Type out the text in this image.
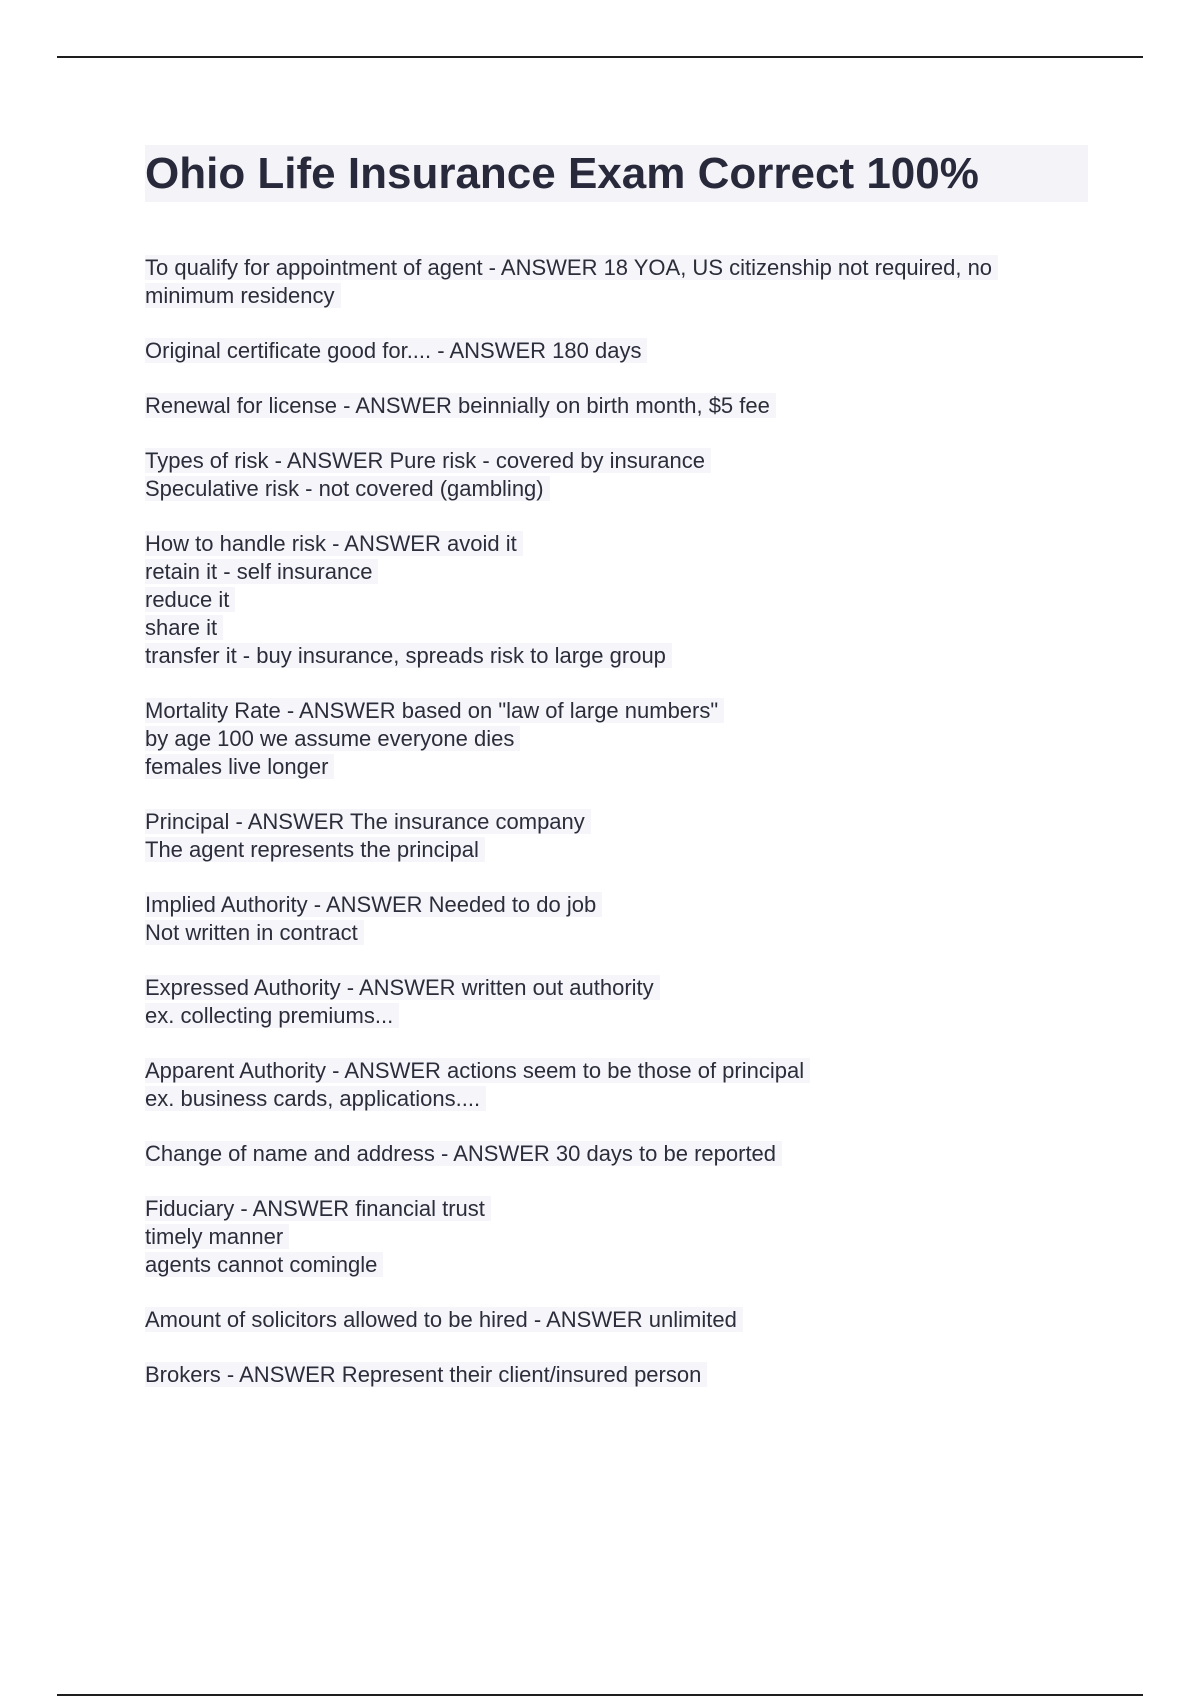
Ohio Life Insurance Exam Correct 100%
To qualify for appointment of agent - ANSWER 18 YOA, US citizenship not required, no
minimum residency
Original certificate good for.... - ANSWER 180 days
Renewal for license - ANSWER beinnially on birth month, $5 fee
Types of risk - ANSWER Pure risk - covered by insurance
Speculative risk - not covered (gambling)
How to handle risk - ANSWER avoid it
retain it - self insurance
reduce it
share it
transfer it - buy insurance, spreads risk to large group
Mortality Rate - ANSWER based on "law of large numbers"
by age 100 we assume everyone dies
females live longer
Principal - ANSWER The insurance company
The agent represents the principal
Implied Authority - ANSWER Needed to do job
Not written in contract
Expressed Authority - ANSWER written out authority
ex. collecting premiums...
Apparent Authority - ANSWER actions seem to be those of principal
ex. business cards, applications....
Change of name and address - ANSWER 30 days to be reported
Fiduciary - ANSWER financial trust
timely manner
agents cannot comingle
Amount of solicitors allowed to be hired - ANSWER unlimited
Brokers - ANSWER Represent their client/insured person
